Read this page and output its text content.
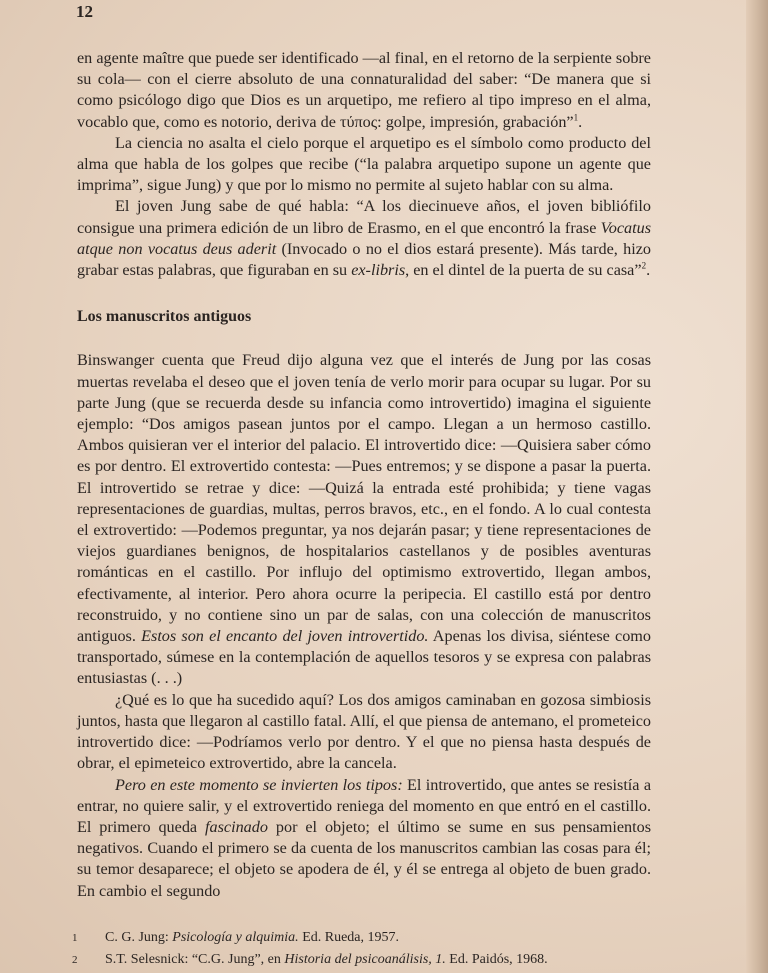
12

en agente maître que puede ser identificado —al final, en el retorno de la serpiente sobre su cola— con el cierre absoluto de una connaturalidad del saber: “De manera que si como psicólogo digo que Dios es un arquetipo, me refiero al tipo impreso en el alma, vocablo que, como es notorio, deriva de τύπος: golpe, impresión, grabación”$^1$.

La ciencia no asalta el cielo porque el arquetipo es el símbolo como producto del alma que habla de los golpes que recibe (“la palabra arquetipo supone un agente que imprima”, sigue Jung) y que por lo mismo no permite al sujeto hablar con su alma.

El joven Jung sabe de qué habla: “A los diecinueve años, el joven bibliófilo consigue una primera edición de un libro de Erasmo, en el que encontró la frase Vocatus atque non vocatus deus aderit (Invocado o no el dios estará presente). Más tarde, hizo grabar estas palabras, que figuraban en su ex-libris, en el dintel de la puerta de su casa”$^2$.

Los manuscritos antiguos

Binswanger cuenta que Freud dijo alguna vez que el interés de Jung por las cosas muertas revelaba el deseo que el joven tenía de verlo morir para ocupar su lugar. Por su parte Jung (que se recuerda desde su infancia como introvertido) imagina el siguiente ejemplo: “Dos amigos pasean juntos por el campo. Llegan a un hermoso castillo. Ambos quisieran ver el interior del palacio. El introvertido dice: —Quisiera saber cómo es por dentro. El extrovertido contesta: —Pues entremos; y se dispone a pasar la puerta. El introvertido se retrae y dice: —Quizá la entrada esté prohibida; y tiene vagas representaciones de guardias, multas, perros bravos, etc., en el fondo. A lo cual contesta el extrovertido: —Podemos preguntar, ya nos dejarán pasar; y tiene representaciones de viejos guardianes benignos, de hospitalarios castellanos y de posibles aventuras románticas en el castillo. Por influjo del optimismo extrovertido, llegan ambos, efectivamente, al interior. Pero ahora ocurre la peripecia. El castillo está por dentro reconstruido, y no contiene sino un par de salas, con una colección de manuscritos antiguos. Estos son el encanto del joven introvertido. Apenas los divisa, siéntese como transportado, súmese en la contemplación de aquellos tesoros y se expresa con palabras entusiastas (. . .)

¿Qué es lo que ha sucedido aquí? Los dos amigos caminaban en gozosa simbiosis juntos, hasta que llegaron al castillo fatal. Allí, el que piensa de antemano, el prometeico introvertido dice: —Podríamos verlo por dentro. Y el que no piensa hasta después de obrar, el epimeteico extrovertido, abre la cancela.

Pero en este momento se invierten los tipos: El introvertido, que antes se resistía a entrar, no quiere salir, y el extrovertido reniega del momento en que entró en el castillo. El primero queda fascinado por el objeto; el último se sume en sus pensamientos negativos. Cuando el primero se da cuenta de los manuscritos cambian las cosas para él; su temor desaparece; el objeto se apodera de él, y él se entrega al objeto de buen grado. En cambio el segundo

1	C. G. Jung: Psicología y alquimia. Ed. Rueda, 1957.
2	S.T. Selesnick: “C.G. Jung”, en Historia del psicoanálisis, 1. Ed. Paidós, 1968.
